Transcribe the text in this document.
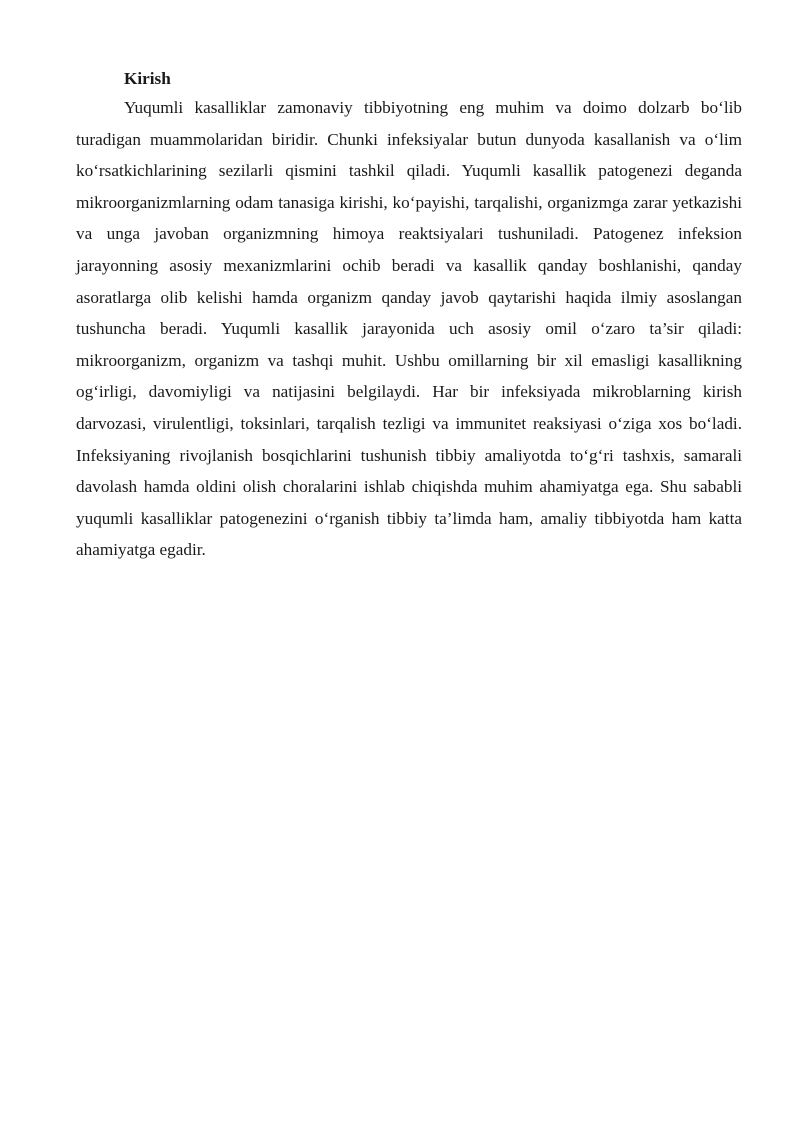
Kirish

Yuqumli kasalliklar zamonaviy tibbiyotning eng muhim va doimo dolzarb bo‘lib turadigan muammolaridan biridir. Chunki infeksiyalar butun dunyoda kasallanish va o‘lim ko‘rsatkichlarining sezilarli qismini tashkil qiladi. Yuqumli kasallik patogenezi deganda mikroorganizmlarning odam tanasiga kirishi, ko‘payishi, tarqalishi, organizmga zarar yetkazishi va unga javoban organizmning himoya reaktsiyalari tushuniladi. Patogenez infeksion jarayonning asosiy mexanizmlarini ochib beradi va kasallik qanday boshlanishi, qanday asoratlarga olib kelishi hamda organizm qanday javob qaytarishi haqida ilmiy asoslangan tushuncha beradi. Yuqumli kasallik jarayonida uch asosiy omil o‘zaro ta’sir qiladi: mikroorganizm, organizm va tashqi muhit. Ushbu omillarning bir xil emasligi kasallikning og‘irligi, davomiyligi va natijasini belgilaydi. Har bir infeksiyada mikroblarning kirish darvozasi, virulentligi, toksinlari, tarqalish tezligi va immunitet reaksiyasi o‘ziga xos bo‘ladi. Infeksiyaning rivojlanish bosqichlarini tushunish tibbiy amaliyotda to‘g‘ri tashxis, samarali davolash hamda oldini olish choralarini ishlab chiqishda muhim ahamiyatga ega. Shu sababli yuqumli kasalliklar patogenezini o‘rganish tibbiy ta’limda ham, amaliy tibbiyotda ham katta ahamiyatga egadir.
